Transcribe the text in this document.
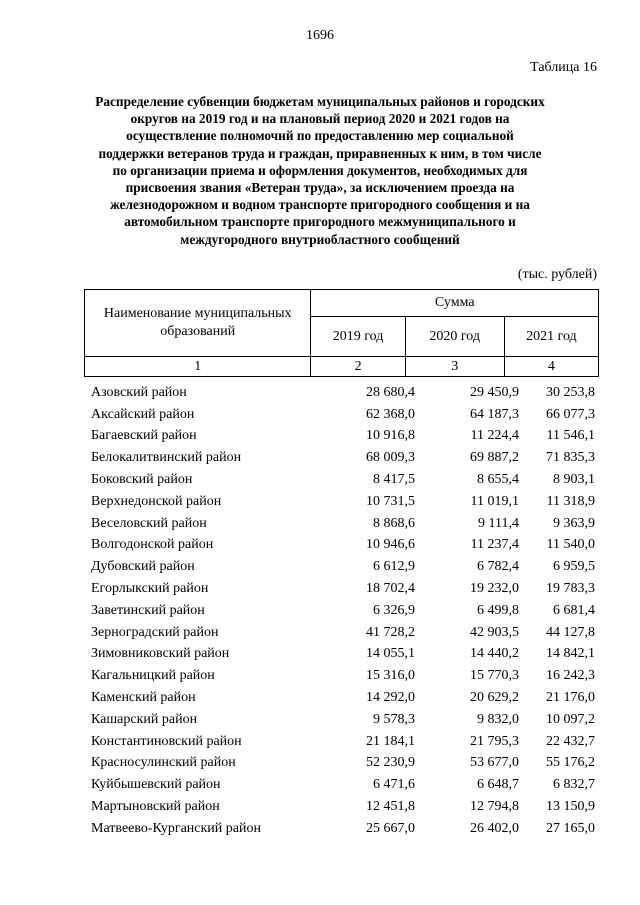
1696
Таблица 16
Распределение субвенции бюджетам муниципальных районов и городских округов на 2019 год и на плановый период 2020 и 2021 годов на осуществление полномочий по предоставлению мер социальной поддержки ветеранов труда и граждан, приравненных к ним, в том числе по организации приема и оформления документов, необходимых для присвоения звания «Ветеран труда», за исключением проезда на железнодорожном и водном транспорте пригородного сообщения и на автомобильном транспорте пригородного межмуниципального и междугородного внутриобластного сообщений
(тыс. рублей)
Наименование муниципальных образований	Сумма		
	2019 год	2020 год	2021 год
1	2	3	4
Азовский район	28 680,4	29 450,9	30 253,8
Аксайский район	62 368,0	64 187,3	66 077,3
Багаевский район	10 916,8	11 224,4	11 546,1
Белокалитвинский район	68 009,3	69 887,2	71 835,3
Боковский район	8 417,5	8 655,4	8 903,1
Верхнедонской район	10 731,5	11 019,1	11 318,9
Веселовский район	8 868,6	9 111,4	9 363,9
Волгодонской район	10 946,6	11 237,4	11 540,0
Дубовский район	6 612,9	6 782,4	6 959,5
Егорлыкский район	18 702,4	19 232,0	19 783,3
Заветинский район	6 326,9	6 499,8	6 681,4
Зерноградский район	41 728,2	42 903,5	44 127,8
Зимовниковский район	14 055,1	14 440,2	14 842,1
Кагальницкий район	15 316,0	15 770,3	16 242,3
Каменский район	14 292,0	20 629,2	21 176,0
Кашарский район	9 578,3	9 832,0	10 097,2
Константиновский район	21 184,1	21 795,3	22 432,7
Красносулинский район	52 230,9	53 677,0	55 176,2
Куйбышевский район	6 471,6	6 648,7	6 832,7
Мартыновский район	12 451,8	12 794,8	13 150,9
Матвеево-Курганский район	25 667,0	26 402,0	27 165,0
